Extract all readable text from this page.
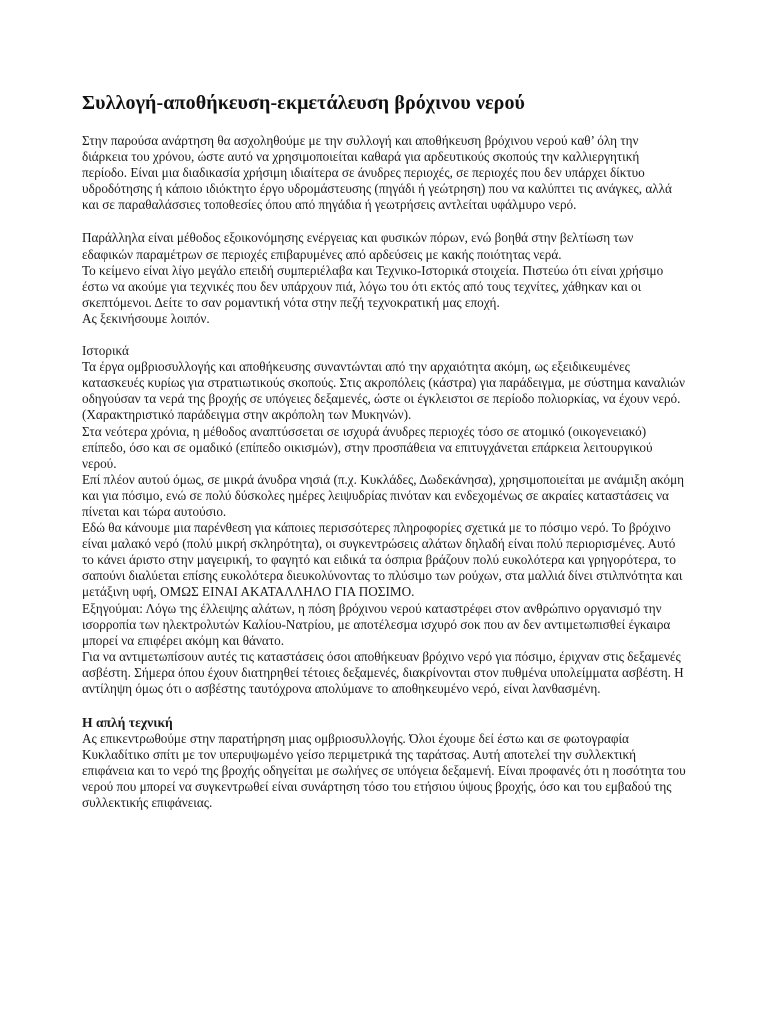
Συλλογή-αποθήκευση-εκμετάλευση βρόχινου νερού

Στην παρούσα ανάρτηση θα ασχοληθούμε με την συλλογή και αποθήκευση βρόχινου νερού καθ’ όλη την διάρκεια του χρόνου, ώστε αυτό να χρησιμοποιείται καθαρά για αρδευτικούς σκοπούς την καλλιεργητική περίοδο. Είναι μια διαδικασία χρήσιμη ιδιαίτερα σε άνυδρες περιοχές, σε περιοχές που δεν υπάρχει δίκτυο υδροδότησης ή κάποιο ιδιόκτητο έργο υδρομάστευσης (πηγάδι ή γεώτρηση) που να καλύπτει τις ανάγκες, αλλά και σε παραθαλάσσιες τοποθεσίες όπου από πηγάδια ή γεωτρήσεις αντλείται υφάλμυρο νερό.

Παράλληλα είναι μέθοδος εξοικονόμησης ενέργειας και φυσικών πόρων, ενώ βοηθά στην βελτίωση των εδαφικών παραμέτρων σε περιοχές επιβαρυμένες από αρδεύσεις με κακής ποιότητας νερά.

Το κείμενο είναι λίγο μεγάλο επειδή συμπεριέλαβα και Τεχνικο-Ιστορικά στοιχεία. Πιστεύω ότι είναι χρήσιμο έστω να ακούμε για τεχνικές που δεν υπάρχουν πιά, λόγω του ότι εκτός από τους τεχνίτες, χάθηκαν και οι σκεπτόμενοι. Δείτε το σαν ρομαντική νότα στην πεζή τεχνοκρατική μας εποχή.

Ας ξεκινήσουμε λοιπόν.

Ιστορικά

Τα έργα ομβριοσυλλογής και αποθήκευσης συναντώνται από την αρχαιότητα ακόμη, ως εξειδικευμένες κατασκευές κυρίως για στρατιωτικούς σκοπούς. Στις ακροπόλεις (κάστρα) για παράδειγμα, με σύστημα καναλιών οδηγούσαν τα νερά της βροχής σε υπόγειες δεξαμενές, ώστε οι έγκλειστοι σε περίοδο πολιορκίας, να έχουν νερό.

(Χαρακτηριστικό παράδειγμα στην ακρόπολη των Μυκηνών).

Στα νεότερα χρόνια, η μέθοδος αναπτύσσεται σε ισχυρά άνυδρες περιοχές τόσο σε ατομικό (οικογενειακό) επίπεδο, όσο και σε ομαδικό (επίπεδο οικισμών), στην προσπάθεια να επιτυγχάνεται επάρκεια λειτουργικού νερού.

Επί πλέον αυτού όμως, σε μικρά άνυδρα νησιά (π.χ. Κυκλάδες, Δωδεκάνησα), χρησιμοποιείται με ανάμιξη ακόμη και για πόσιμο, ενώ σε πολύ δύσκολες ημέρες λειψυδρίας πινόταν και ενδεχομένως σε ακραίες καταστάσεις να πίνεται και τώρα αυτούσιο.

Εδώ θα κάνουμε μια παρένθεση για κάποιες περισσότερες πληροφορίες σχετικά με το πόσιμο νερό. Το βρόχινο είναι μαλακό νερό (πολύ μικρή σκληρότητα), οι συγκεντρώσεις αλάτων δηλαδή είναι πολύ περιορισμένες. Αυτό το κάνει άριστο στην μαγειρική, το φαγητό και ειδικά τα όσπρια βράζουν πολύ ευκολότερα και γρηγορότερα, το σαπούνι διαλύεται επίσης ευκολότερα διευκολύνοντας το πλύσιμο των ρούχων, στα μαλλιά δίνει στιλπνότητα και μετάξινη υφή, ΟΜΩΣ ΕΙΝΑΙ ΑΚΑΤΑΛΛΗΛΟ ΓΙΑ ΠΟΣΙΜΟ.

Εξηγούμαι: Λόγω της έλλειψης αλάτων, η πόση βρόχινου νερού καταστρέφει στον ανθρώπινο οργανισμό την ισορροπία των ηλεκτρολυτών Καλίου-Νατρίου, με αποτέλεσμα ισχυρό σοκ που αν δεν αντιμετωπισθεί έγκαιρα μπορεί να επιφέρει ακόμη και θάνατο.

Για να αντιμετωπίσουν αυτές τις καταστάσεις όσοι αποθήκευαν βρόχινο νερό για πόσιμο, έριχναν στις δεξαμενές ασβέστη. Σήμερα όπου έχουν διατηρηθεί τέτοιες δεξαμενές, διακρίνονται στον πυθμένα υπολείμματα ασβέστη. Η αντίληψη όμως ότι ο ασβέστης ταυτόχρονα απολύμανε το αποθηκευμένο νερό, είναι λανθασμένη.

Η απλή τεχνική

Ας επικεντρωθούμε στην παρατήρηση μιας ομβριοσυλλογής. Όλοι έχουμε δεί έστω και σε φωτογραφία Κυκλαδίτικο σπίτι με τον υπερυψωμένο γείσο περιμετρικά της ταράτσας. Αυτή αποτελεί την συλλεκτική επιφάνεια και το νερό της βροχής οδηγείται με σωλήνες σε υπόγεια δεξαμενή. Είναι προφανές ότι η ποσότητα του νερού που μπορεί να συγκεντρωθεί είναι συνάρτηση τόσο του ετήσιου ύψους βροχής, όσο και του εμβαδού της συλλεκτικής επιφάνειας.
